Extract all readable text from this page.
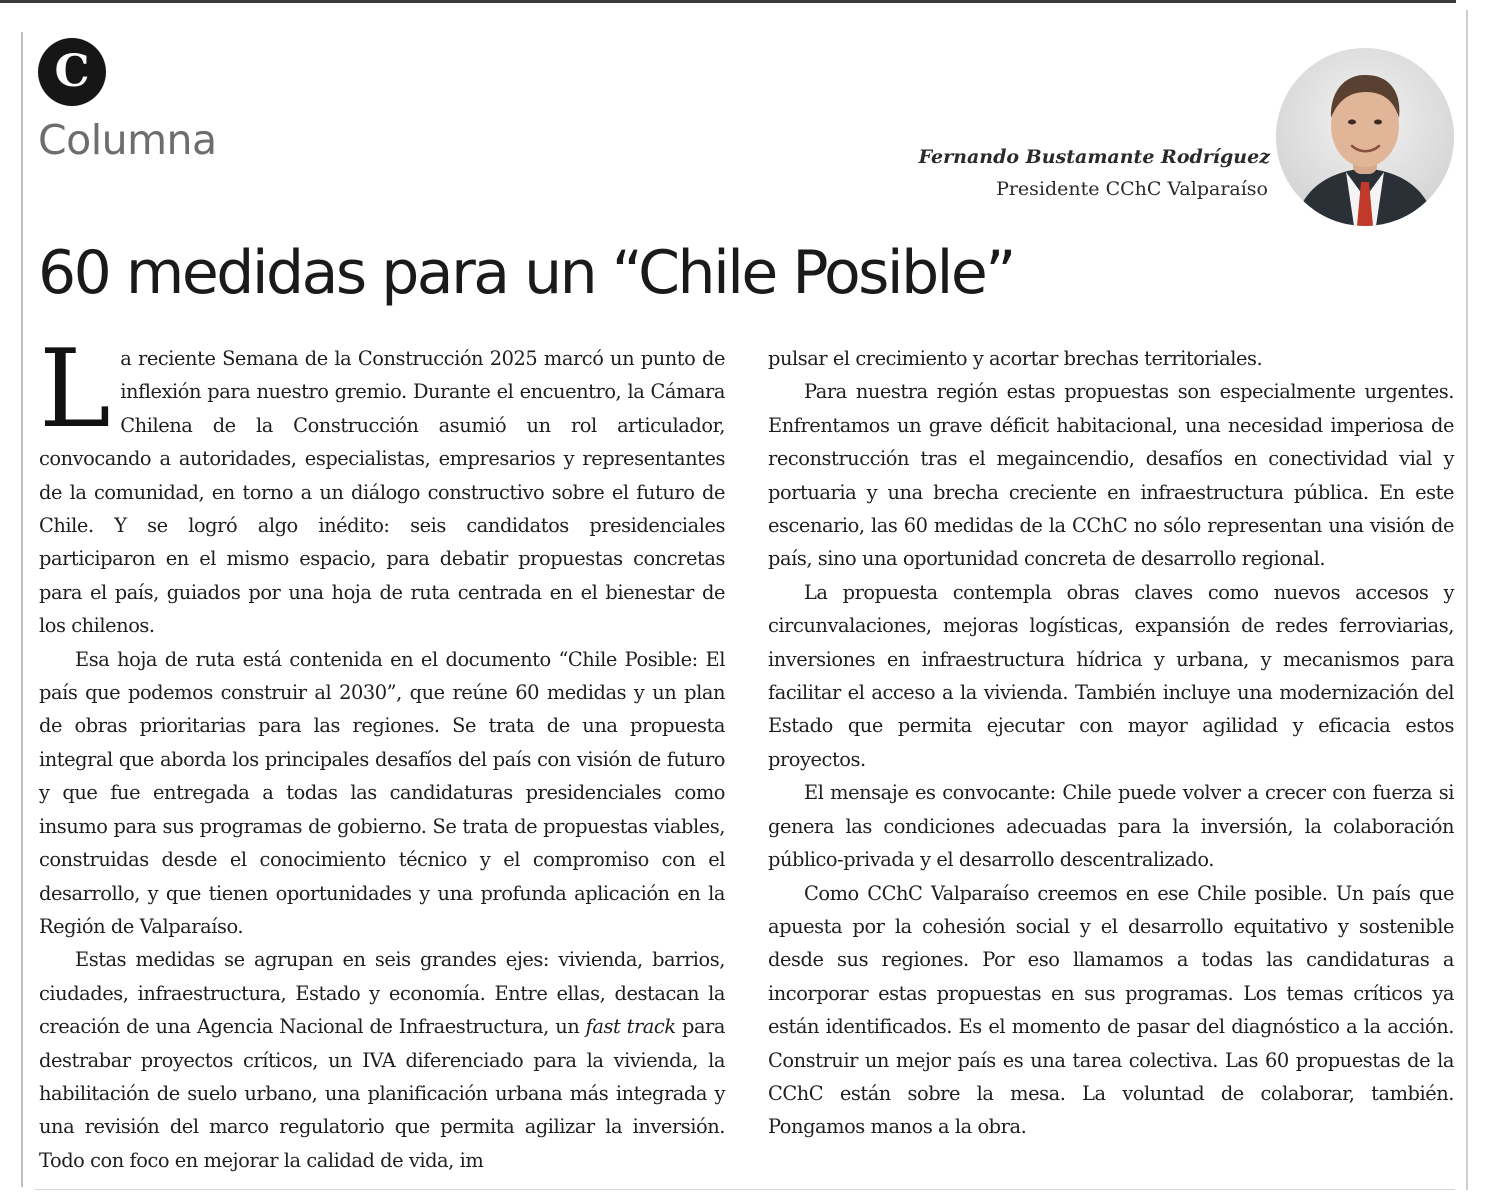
C
Columna	Fernando Bustamante Rodríguez
Presidente CChC Valparaíso
60 medidas para un “Chile Posible”

La reciente Semana de la Construcción 2025 marcó un punto de inflexión para nuestro gremio. Durante el encuentro, la Cámara Chilena de la Construcción asumió un rol articulador, convocando a autoridades, especialistas, empresarios y representantes de la comunidad, en torno a un diálogo constructivo sobre el futuro de Chile. Y se logró algo inédito: seis candidatos presidenciales participaron en el mismo espacio, para debatir propuestas concretas para el país, guiados por una hoja de ruta centrada en el bienestar de los chilenos.

Esa hoja de ruta está contenida en el documento “Chile Posible: El país que podemos construir al 2030”, que reúne 60 medidas y un plan de obras prioritarias para las regiones. Se trata de una propuesta integral que aborda los principales desafíos del país con visión de futuro y que fue entregada a todas las candidaturas presidenciales como insumo para sus programas de gobierno. Se trata de propuestas viables, construidas desde el conocimiento técnico y el compromiso con el desarrollo, y que tienen oportunidades y una profunda aplicación en la Región de Valparaíso.

Estas medidas se agrupan en seis grandes ejes: vivienda, barrios, ciudades, infraestructura, Estado y economía. Entre ellas, destacan la creación de una Agencia Nacional de Infraestructura, un fast track para destrabar proyectos críticos, un IVA diferenciado para la vivienda, la habilitación de suelo urbano, una planificación urbana más integrada y una revisión del marco regulatorio que permita agilizar la inversión. Todo con foco en mejorar la calidad de vida, im

pulsar el crecimiento y acortar brechas territoriales.

Para nuestra región estas propuestas son especialmente urgentes. Enfrentamos un grave déficit habitacional, una necesidad imperiosa de reconstrucción tras el megaincendio, desafíos en conectividad vial y portuaria y una brecha creciente en infraestructura pública. En este escenario, las 60 medidas de la CChC no sólo representan una visión de país, sino una oportunidad concreta de desarrollo regional.

La propuesta contempla obras claves como nuevos accesos y circunvalaciones, mejoras logísticas, expansión de redes ferroviarias, inversiones en infraestructura hídrica y urbana, y mecanismos para facilitar el acceso a la vivienda. También incluye una modernización del Estado que permita ejecutar con mayor agilidad y eficacia estos proyectos.

El mensaje es convocante: Chile puede volver a crecer con fuerza si genera las condiciones adecuadas para la inversión, la colaboración público-privada y el desarrollo descentralizado.

Como CChC Valparaíso creemos en ese Chile posible. Un país que apuesta por la cohesión social y el desarrollo equitativo y sostenible desde sus regiones. Por eso llamamos a todas las candidaturas a incorporar estas propuestas en sus programas. Los temas críticos ya están identificados. Es el momento de pasar del diagnóstico a la acción. Construir un mejor país es una tarea colectiva. Las 60 propuestas de la CChC están sobre la mesa. La voluntad de colaborar, también. Pongamos manos a la obra.
